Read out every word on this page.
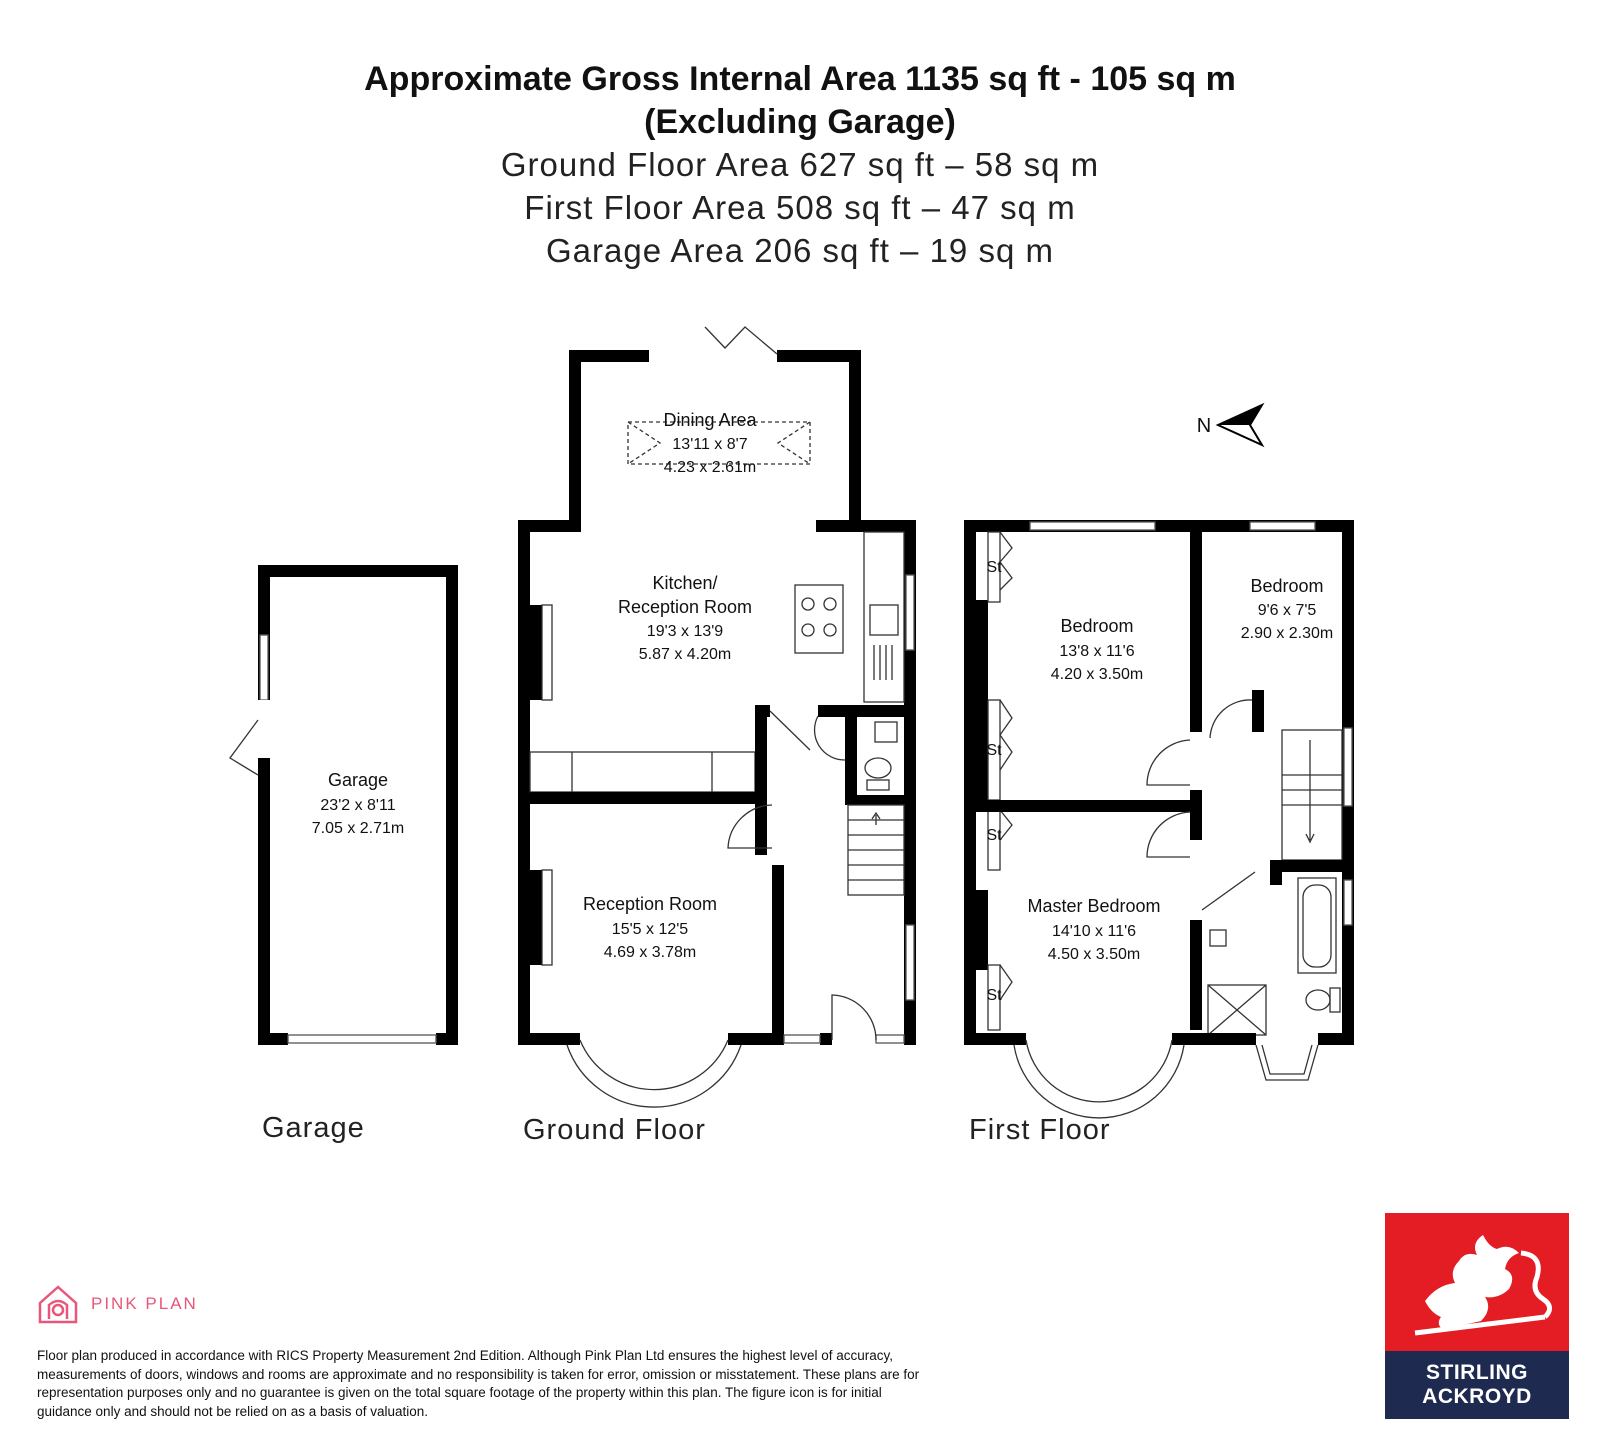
Approximate Gross Internal Area 1135 sq ft - 105 sq m
(Excluding Garage)
Ground Floor Area 627 sq ft – 58 sq m
First Floor Area 508 sq ft – 47 sq m
Garage Area 206 sq ft – 19 sq m
Garage
23'2 x 8'11
7.05 x 2.71m
Dining Area
13'11 x 8'7
4.23 x 2.61m
Kitchen/
Reception Room
19'3 x 13'9
5.87 x 4.20m
Reception Room
15'5 x 12'5
4.69 x 3.78m
Bedroom
13'8 x 11'6
4.20 x 3.50m
Bedroom
9'6 x 7'5
2.90 x 2.30m
Master Bedroom
14'10 x 11'6
4.50 x 3.50m
St
St
St
St
N
Garage	Ground Floor	First Floor
PINK PLAN
Floor plan produced in accordance with RICS Property Measurement 2nd Edition. Although Pink Plan Ltd ensures the highest level of accuracy, measurements of doors, windows and rooms are approximate and no responsibility is taken for error, omission or misstatement. These plans are for representation purposes only and no guarantee is given on the total square footage of the property within this plan. The figure icon is for initial guidance only and should not be relied on as a basis of valuation.
STIRLING
ACKROYD
